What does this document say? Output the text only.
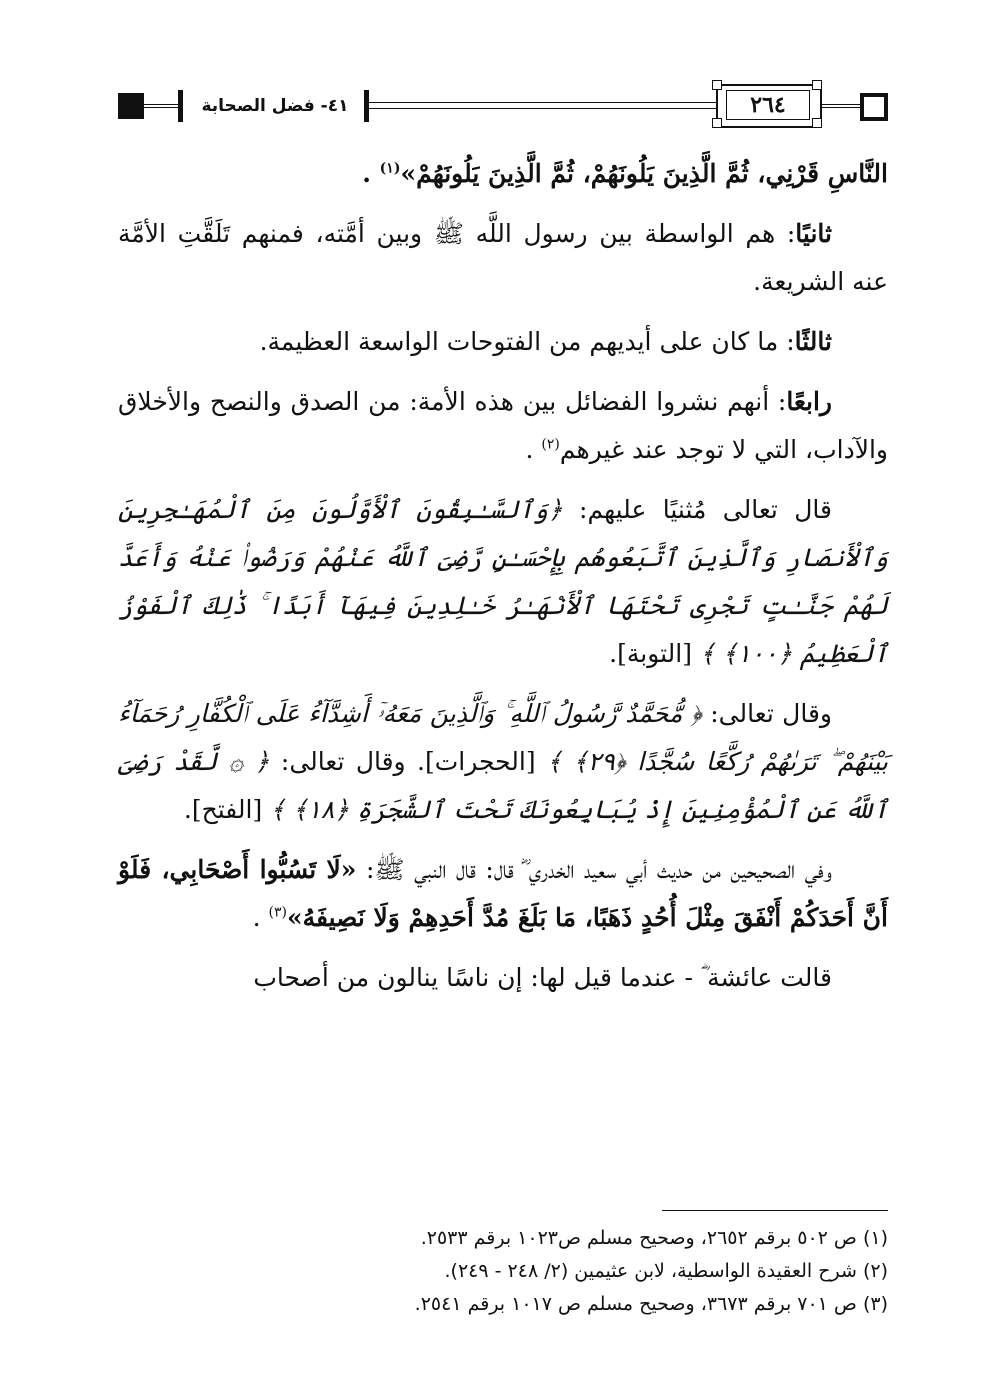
٤١- فضل الصحابة	٢٦٤

النَّاسِ قَرْنِي، ثُمَّ الَّذِينَ يَلُونَهُمْ، ثُمَّ الَّذِينَ يَلُونَهُمْ»$^{(١)}$ .

ثانيًا: هم الواسطة بين رسول اللَّه ﷺ وبين أمَّته، فمنهم تَلَقَّتِ الأمَّة عنه الشريعة.

ثالثًا: ما كان على أيديهم من الفتوحات الواسعة العظيمة.

رابعًا: أنهم نشروا الفضائل بين هذه الأمة: من الصدق والنصح والأخلاق والآداب، التي لا توجد عند غيرهم$^{(٢)}$ .

قال تعالى مُثنيًا عليهم: ﴿وَٱلسَّـٰبِقُونَ ٱلْأَوَّلُونَ مِنَ ٱلْمُهَـٰجِرِينَ وَٱلْأَنصَارِ وَٱلَّذِينَ ٱتَّبَعُوهُم بِإِحْسَـٰنٍ رَّضِىَ ٱللَّهُ عَنْهُمْ وَرَضُوا۟ عَنْهُ وَأَعَدَّ لَهُمْ جَنَّـٰتٍ تَجْرِى تَحْتَهَا ٱلْأَنْهَـٰرُ خَـٰلِدِينَ فِيهَآ أَبَدًا ۚ ذَٰلِكَ ٱلْفَوْزُ ٱلْعَظِيمُ ﴿١٠٠﴾ ﴾ [التوبة].

وقال تعالى: ﴿ مُّحَمَّدٌ رَّسُولُ ٱللَّهِ ۚ وَٱلَّذِينَ مَعَهُۥٓ أَشِدَّآءُ عَلَى ٱلْكُفَّارِ رُحَمَآءُ بَيْنَهُمْ ۖ تَرَىٰهُمْ رُكَّعًا سُجَّدًا ﴿٢٩﴾ ﴾ [الحجرات]. وقال تعالى: ﴿ ۞ لَّقَدْ رَضِىَ ٱللَّهُ عَنِ ٱلْمُؤْمِنِينَ إِذْ يُبَايِعُونَكَ تَحْتَ ٱلشَّجَرَةِ ﴿١٨﴾ ﴾ [الفتح].

وفي الصحيحين من حديث أبي سعيد الخدري ؓ قال: قال النبي ﷺ: «لَا تَسُبُّوا أَصْحَابِي، فَلَوْ أَنَّ أَحَدَكُمْ أَنْفَقَ مِثْلَ أُحُدٍ ذَهَبًا، مَا بَلَغَ مُدَّ أَحَدِهِمْ وَلَا نَصِيفَهُ»$^{(٣)}$ .

قالت عائشة ؓ - عندما قيل لها: إن ناسًا ينالون من أصحاب

(١) ص ٥٠٢ برقم ٢٦٥٢، وصحيح مسلم ص١٠٢٣ برقم ٢٥٣٣.
(٢) شرح العقيدة الواسطية، لابن عثيمين (٢/ ٢٤٨ - ٢٤٩).
(٣) ص ٧٠١ برقم ٣٦٧٣، وصحيح مسلم ص ١٠١٧ برقم ٢٥٤١.
